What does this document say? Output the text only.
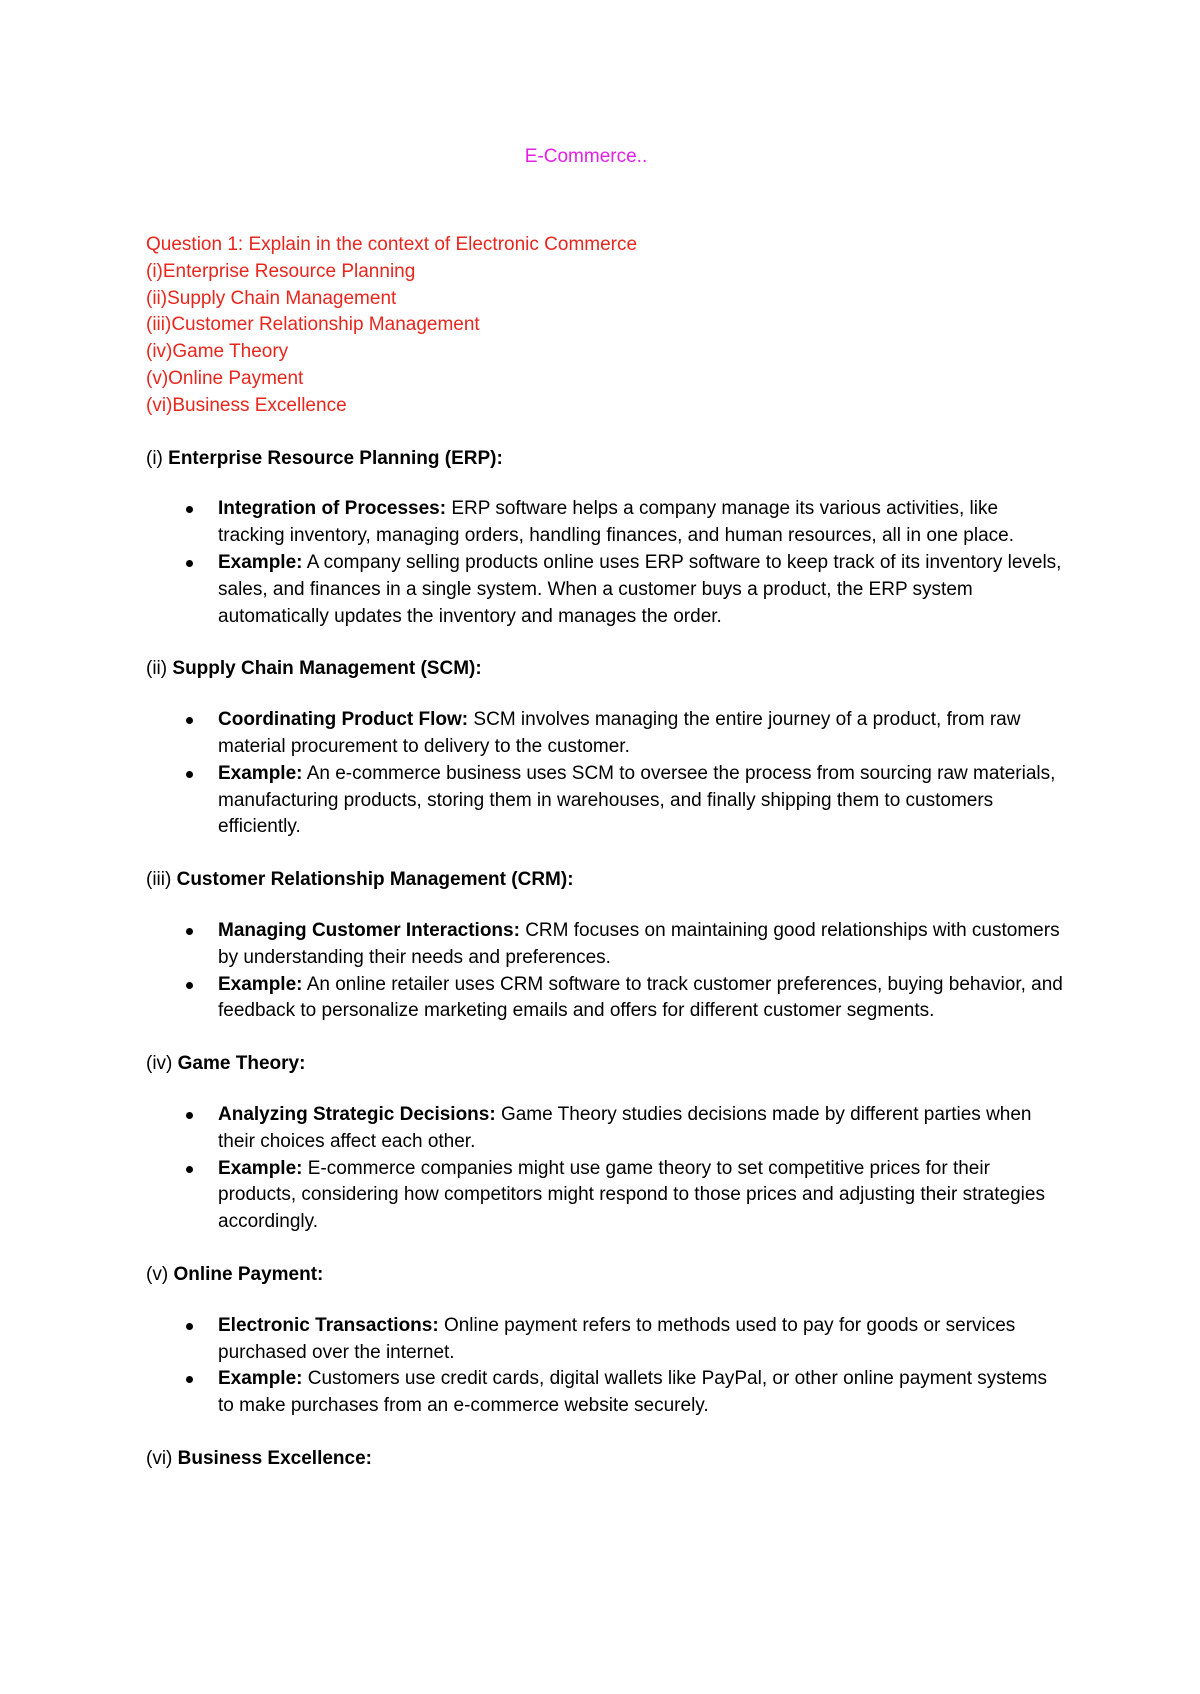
E-Commerce..
Question 1: Explain in the context of Electronic Commerce
(i)Enterprise Resource Planning
(ii)Supply Chain Management
(iii)Customer Relationship Management
(iv)Game Theory
(v)Online Payment
(vi)Business Excellence
(i) Enterprise Resource Planning (ERP):
Integration of Processes: ERP software helps a company manage its various activities, like tracking inventory, managing orders, handling finances, and human resources, all in one place.
Example: A company selling products online uses ERP software to keep track of its inventory levels, sales, and finances in a single system. When a customer buys a product, the ERP system automatically updates the inventory and manages the order.
(ii) Supply Chain Management (SCM):
Coordinating Product Flow: SCM involves managing the entire journey of a product, from raw material procurement to delivery to the customer.
Example: An e-commerce business uses SCM to oversee the process from sourcing raw materials, manufacturing products, storing them in warehouses, and finally shipping them to customers efficiently.
(iii) Customer Relationship Management (CRM):
Managing Customer Interactions: CRM focuses on maintaining good relationships with customers by understanding their needs and preferences.
Example: An online retailer uses CRM software to track customer preferences, buying behavior, and feedback to personalize marketing emails and offers for different customer segments.
(iv) Game Theory:
Analyzing Strategic Decisions: Game Theory studies decisions made by different parties when their choices affect each other.
Example: E-commerce companies might use game theory to set competitive prices for their products, considering how competitors might respond to those prices and adjusting their strategies accordingly.
(v) Online Payment:
Electronic Transactions: Online payment refers to methods used to pay for goods or services purchased over the internet.
Example: Customers use credit cards, digital wallets like PayPal, or other online payment systems to make purchases from an e-commerce website securely.
(vi) Business Excellence:
